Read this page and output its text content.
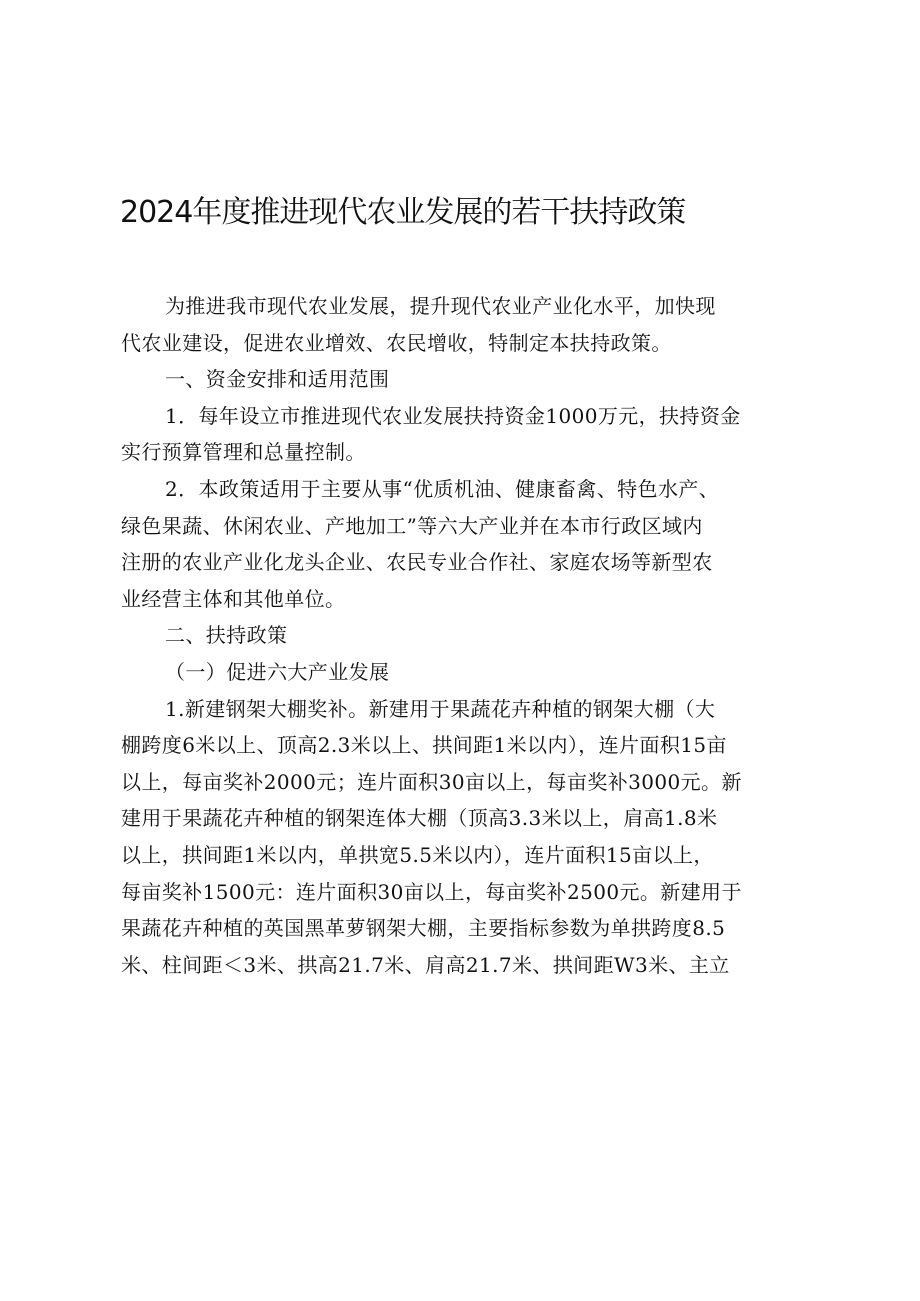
2024年度推进现代农业发展的若干扶持政策
为推进我市现代农业发展，提升现代农业产业化水平，加快现
代农业建设，促进农业增效、农民增收，特制定本扶持政策。
一、资金安排和适用范围
1．每年设立市推进现代农业发展扶持资金1000万元，扶持资金
实行预算管理和总量控制。
2．本政策适用于主要从事“优质机油、健康畜禽、特色水产、
绿色果蔬、休闲农业、产地加工”等六大产业并在本市行政区域内
注册的农业产业化龙头企业、农民专业合作社、家庭农场等新型农
业经营主体和其他单位。
二、扶持政策
（一）促进六大产业发展
1.新建钢架大棚奖补。新建用于果蔬花卉种植的钢架大棚（大
棚跨度6米以上、顶高2.3米以上、拱间距1米以内），连片面积15亩
以上，每亩奖补2000元；连片面积30亩以上，每亩奖补3000元。新
建用于果蔬花卉种植的钢架连体大棚（顶高3.3米以上，肩高1.8米
以上，拱间距1米以内，单拱宽5.5米以内），连片面积15亩以上，
每亩奖补1500元：连片面积30亩以上，每亩奖补2500元。新建用于
果蔬花卉种植的英国黑革萝钢架大棚，主要指标参数为单拱跨度8.5
米、柱间距＜3米、拱高21.7米、肩高21.7米、拱间距W3米、主立
